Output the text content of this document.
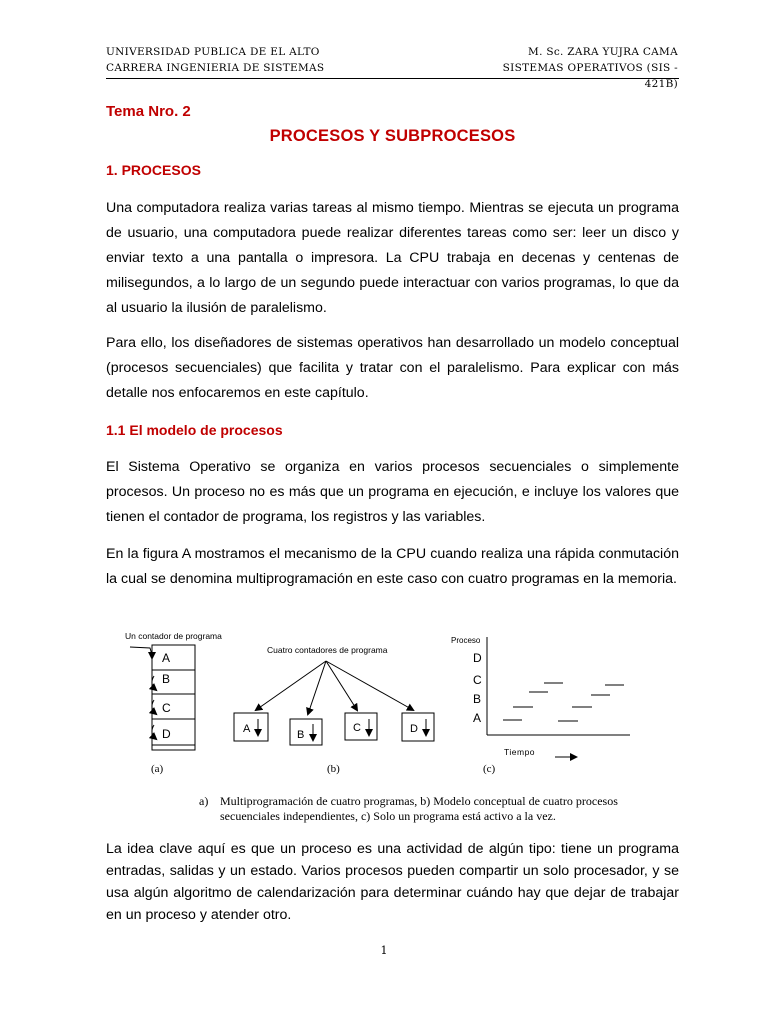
UNIVERSIDAD PUBLICA DE EL ALTO
CARRERA INGENIERIA DE SISTEMAS
M. Sc. ZARA YUJRA CAMA
SISTEMAS OPERATIVOS (SIS - 421B)
Tema Nro. 2
PROCESOS Y SUBPROCESOS
1. PROCESOS
Una computadora realiza varias tareas al mismo tiempo. Mientras se ejecuta un programa de usuario, una computadora puede realizar diferentes tareas como ser: leer un disco y enviar texto a una pantalla o impresora. La CPU trabaja en decenas y centenas de milisegundos, a lo largo de un segundo puede interactuar con varios programas, lo que da al usuario la ilusión de paralelismo.
Para ello, los diseñadores de sistemas operativos han desarrollado un modelo conceptual (procesos secuenciales) que facilita y tratar con el paralelismo. Para explicar con más detalle nos enfocaremos en este capítulo.
1.1 El modelo de procesos
El Sistema Operativo se organiza en varios procesos secuenciales o simplemente procesos. Un proceso no es más que un programa en ejecución, e incluye los valores que tienen el contador de programa, los registros y las variables.
En la figura A mostramos el mecanismo de la CPU cuando realiza una rápida conmutación la cual se denomina multiprogramación en este caso con cuatro programas en la memoria.
Un contador de programa
A
B
C
D
(a)
Cuatro contadores de programa
A	B
C	D
(b)
Proceso
D
C
B
A
Tiempo
(c)
a) Multiprogramación de cuatro programas, b) Modelo conceptual de cuatro procesos secuenciales independientes, c) Solo un programa está activo a la vez.
La idea clave aquí es que un proceso es una actividad de algún tipo: tiene un programa entradas, salidas y un estado. Varios procesos pueden compartir un solo procesador, y se usa algún algoritmo de calendarización para determinar cuándo hay que dejar de trabajar en un proceso y atender otro.
1
